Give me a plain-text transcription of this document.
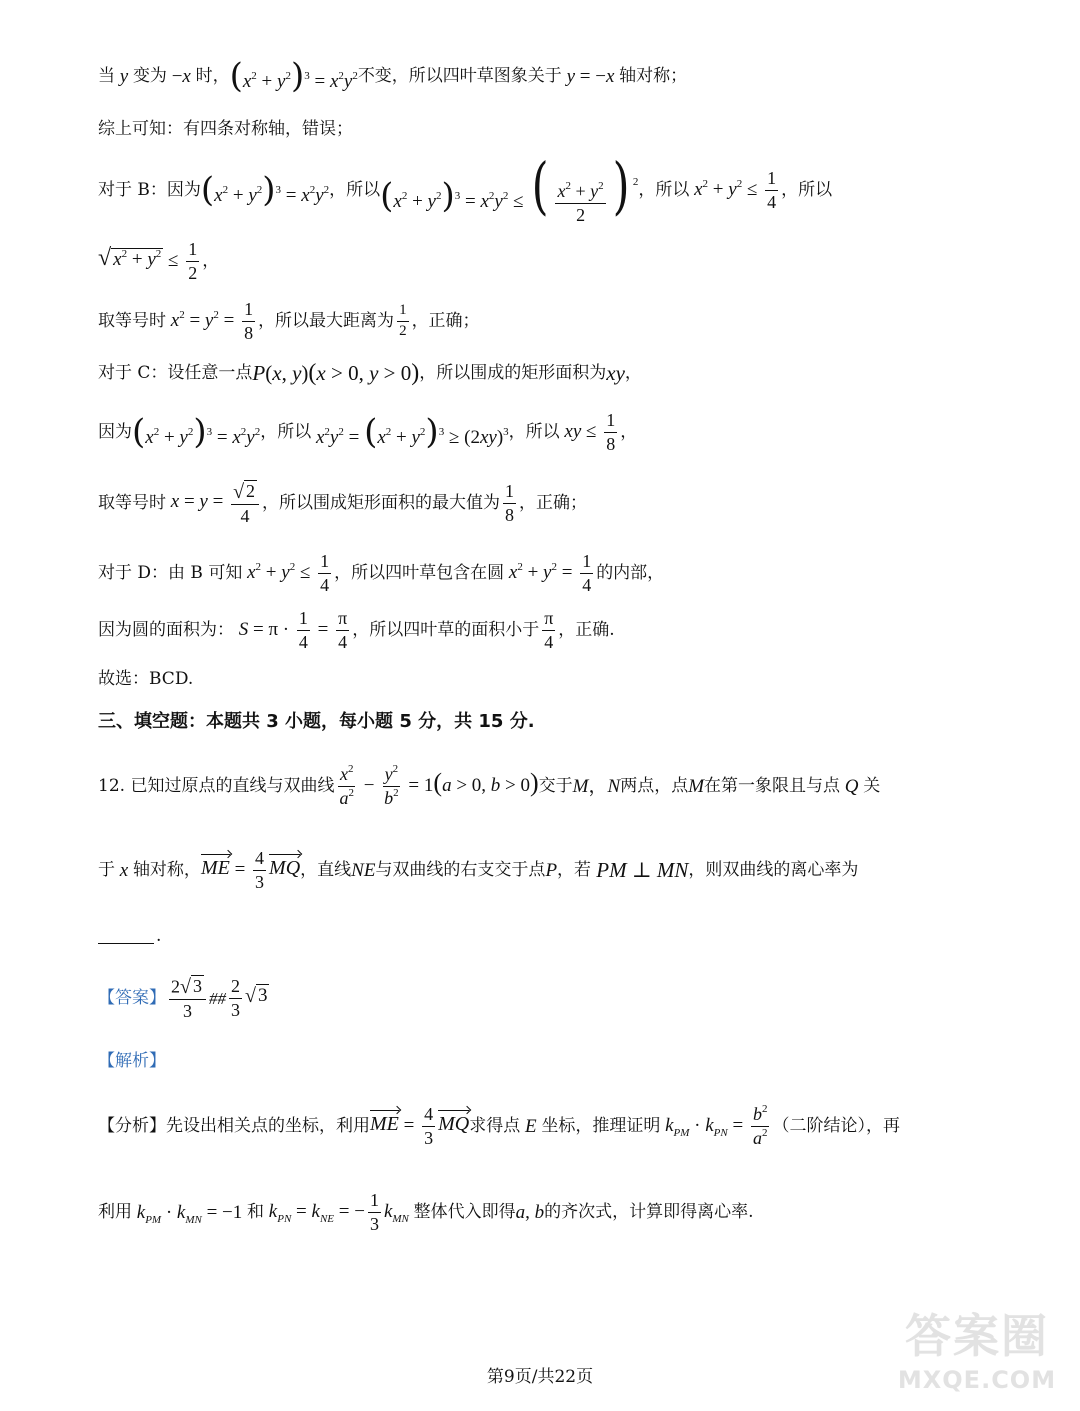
当 y 变为 −x 时， $(x^2 + y^2)^3 = x^2y^2$ 不变，所以四叶草图象关于 y = −x 轴对称；
综上可知：有四条对称轴，错误；
对于 B：因为 $(x^2 + y^2)^3 = x^2y^2$ ，所以 $(x^2 + y^2)^3 = x^2y^2$ ≤ ( $\frac{x^2 + y^2}{2}$ ) $^2$ ，所以 $x^2 + y^2 \le \frac{1}{4}$ ，所以
√ $x^2 + y^2 \le \frac{1}{2}$ ，
取等号时 $x^2 = y^2 = \frac{1}{8}$ ，所以最大距离为 $\frac{1}{2}$ ，正确；
对于 C：设任意一点 P(x, y)(x > 0, y > 0) ，所以围成的矩形面积为 xy ，
因为 $(x^2 + y^2)^3 = x^2y^2$ ，所以 $x^2y^2 = (x^2 + y^2)^3 \ge (2xy)^3$ ，所以 xy ≤ $\frac{1}{8}$ ，
取等号时 $x = y = \frac{√ 2}{4}$ ，所以围成矩形面积的最大值为 $\frac{1}{8}$ ，正确；
对于 D：由 B 可知 $x^2 + y^2 \le \frac{1}{4}$ ，所以四叶草包含在圆 $x^2 + y^2 = \frac{1}{4}$ 的内部，
因为圆的面积为： $S = \pi \cdot \frac{1}{4} = \frac{\pi}{4}$ ，所以四叶草的面积小于 $\frac{\pi}{4}$ ，正确.
故选：BCD.
三、填空题：本题共 3 小题，每小题 5 分，共 15 分.
12. 已知过原点的直线与双曲线 $\frac{x^2}{a^2} - \frac{y^2}{b^2} = 1(a > 0$, b > 0) 交于 M，N 两点，点 M 在第一象限且与点 Q 关
于 x 轴对称， ME = $\frac{4}{3}$ MQ ，直线 NE 与双曲线的右支交于点 P ，若 PM ⊥ MN ，则双曲线的离心率为
.
【答案】 $\frac{2 √ 3}{3}$ ## $\frac{2}{3}$ √ 3
【解析】
【分析】先设出相关点的坐标，利用 ME = $\frac{4}{3}$ MQ 求得点 E 坐标，推理证明 $k_{PM} \cdot k_{PN} = \frac{b^2}{a^2}$ （二阶结论），再
利用 $k_{PM} \cdot k_{MN} = -1$ 和 $k_{PN} = k_{NE}$ = − $\frac{1}{3} k_{MN}$ 整体代入即得 a, b 的齐次式，计算即得离心率.
答案圈
MXQE.COM
第9页/共22页
